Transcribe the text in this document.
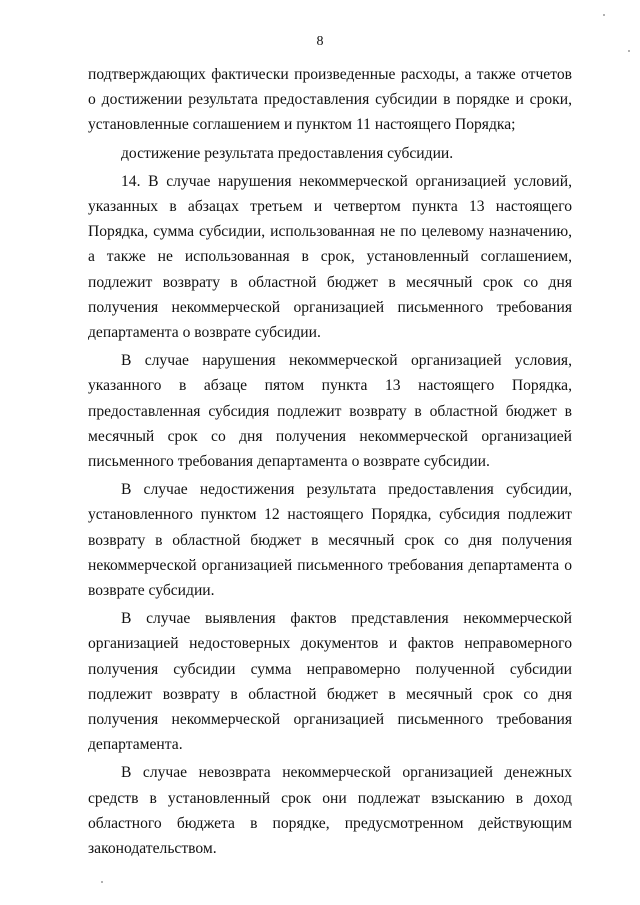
8

подтверждающих фактически произведенные расходы, а также отчетов о достижении результата предоставления субсидии в порядке и сроки, установленные соглашением и пунктом 11 настоящего Порядка;

достижение результата предоставления субсидии.

14. В случае нарушения некоммерческой организацией условий, указанных в абзацах третьем и четвертом пункта 13 настоящего Порядка, сумма субсидии, использованная не по целевому назначению, а также не использованная в срок, установленный соглашением, подлежит возврату в областной бюджет в месячный срок со дня получения некоммерческой организацией письменного требования департамента о возврате субсидии.

В случае нарушения некоммерческой организацией условия, указанного в абзаце пятом пункта 13 настоящего Порядка, предоставленная субсидия подлежит возврату в областной бюджет в месячный срок со дня получения некоммерческой организацией письменного требования департамента о возврате субсидии.

В случае недостижения результата предоставления субсидии, установленного пунктом 12 настоящего Порядка, субсидия подлежит возврату в областной бюджет в месячный срок со дня получения некоммерческой организацией письменного требования департамента о возврате субсидии.

В случае выявления фактов представления некоммерческой организацией недостоверных документов и фактов неправомерного получения субсидии сумма неправомерно полученной субсидии подлежит возврату в областной бюджет в месячный срок со дня получения некоммерческой организацией письменного требования департамента.

В случае невозврата некоммерческой организацией денежных средств в установленный срок они подлежат взысканию в доход областного бюджета в порядке, предусмотренном действующим законодательством.
